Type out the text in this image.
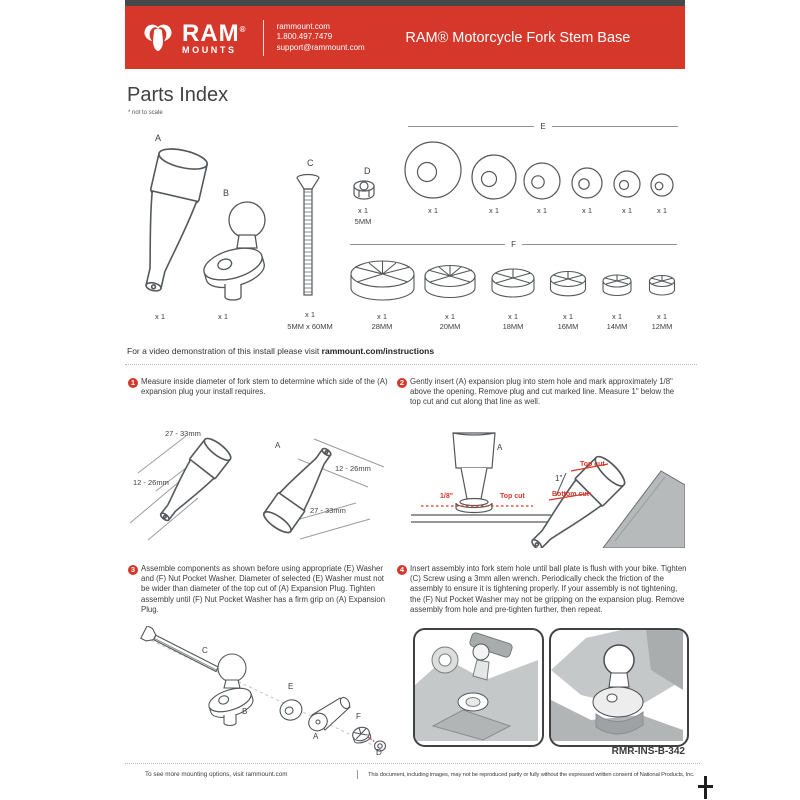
RAM®
MOUNTS
rammount.com
1.800.497.7479
support@rammount.com
RAM® Motorcycle Fork Stem Base
Parts Index
* not to scale
A
x 1
B
x 1
C
x 1
5MM x 60MM
D
x 1
5MM
E
x 1	x 1	x 1	x 1	x 1	x 1
F
x 1
28MM
x 1
20MM
x 1
18MM
x 1
16MM
x 1
14MM
x 1
12MM
For a video demonstration of this install please visit rammount.com/instructions
1 Measure inside diameter of fork stem to determine which side of the (A) expansion plug your install requires.
27 - 33mm
A
12 - 26mm
12 - 26mm
27 - 33mm
2 Gently insert (A) expansion plug into stem hole and mark approximately 1/8" above the opening. Remove plug and cut marked line. Measure 1" below the top cut and cut along that line as well.
A
1/8"	Top cut
Top cut
1"
Bottom cut
3 Assemble components as shown before using appropriate (E) Washer and (F) Nut Pocket Washer. Diameter of selected (E) Washer must not be wider than diameter of the top cut of (A) Expansion Plug. Tighten assembly until (F) Nut Pocket Washer has a firm grip on (A) Expansion Plug.
C
B
E
A
F
D
4 Insert assembly into fork stem hole until ball plate is flush with your bike. Tighten (C) Screw using a 3mm allen wrench. Periodically check the friction of the assembly to ensure it is tightening properly. If your assembly is not tightening, the (F) Nut Pocket Washer may not be gripping on the expansion plug. Remove assembly from hole and pre-tighten further, then repeat.
RMR-INS-B-342
To see more mounting options, visit rammount.com	This document, including images, may not be reproduced partly or fully without the expressed written consent of National Products, Inc.
